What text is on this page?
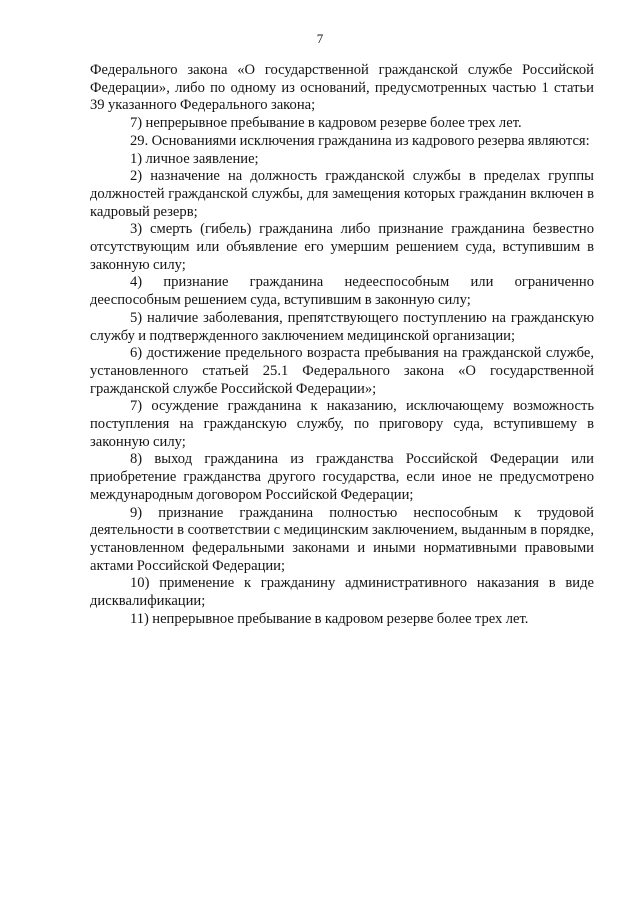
7

Федерального закона «О государственной гражданской службе Российской Федерации», либо по одному из оснований, предусмотренных частью 1 статьи 39 указанного Федерального закона;

7) непрерывное пребывание в кадровом резерве более трех лет.

29. Основаниями исключения гражданина из кадрового резерва являются:

1) личное заявление;

2) назначение на должность гражданской службы в пределах группы должностей гражданской службы, для замещения которых гражданин включен в кадровый резерв;

3) смерть (гибель) гражданина либо признание гражданина безвестно отсутствующим или объявление его умершим решением суда, вступившим в законную силу;

4) признание гражданина недееспособным или ограниченно дееспособным решением суда, вступившим в законную силу;

5) наличие заболевания, препятствующего поступлению на гражданскую службу и подтвержденного заключением медицинской организации;

6) достижение предельного возраста пребывания на гражданской службе, установленного статьей 25.1 Федерального закона «О государственной гражданской службе Российской Федерации»;

7) осуждение гражданина к наказанию, исключающему возможность поступления на гражданскую службу, по приговору суда, вступившему в законную силу;

8) выход гражданина из гражданства Российской Федерации или приобретение гражданства другого государства, если иное не предусмотрено международным договором Российской Федерации;

9) признание гражданина полностью неспособным к трудовой деятельности в соответствии с медицинским заключением, выданным в порядке, установленном федеральными законами и иными нормативными правовыми актами Российской Федерации;

10) применение к гражданину административного наказания в виде дисквалификации;

11) непрерывное пребывание в кадровом резерве более трех лет.
